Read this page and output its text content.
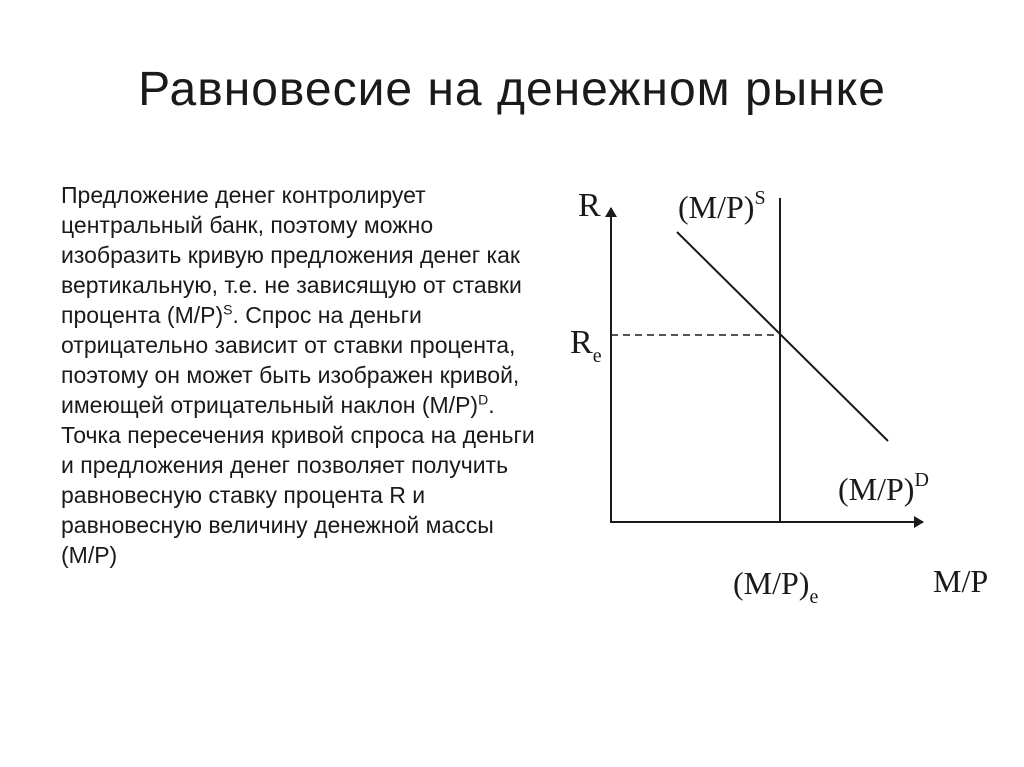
Равновесие на денежном рынке

Предложение денег контролирует центральный банк, поэтому можно изобразить кривую предложения денег как вертикальную, т.е. не зависящую от ставки процента $(M/P)^S$. Спрос на деньги отрицательно зависит от ставки процента, поэтому он может быть изображен кривой, имеющей отрицательный наклон $(M/P)^D$. Точка пересечения кривой спроса на деньги и предложения денег позволяет получить равновесную ставку процента R и равновесную величину денежной массы (M/P)

R $(M/P)^S$
$R_e$
$(M/P)^D$
$(M/P)_e$	M/P
